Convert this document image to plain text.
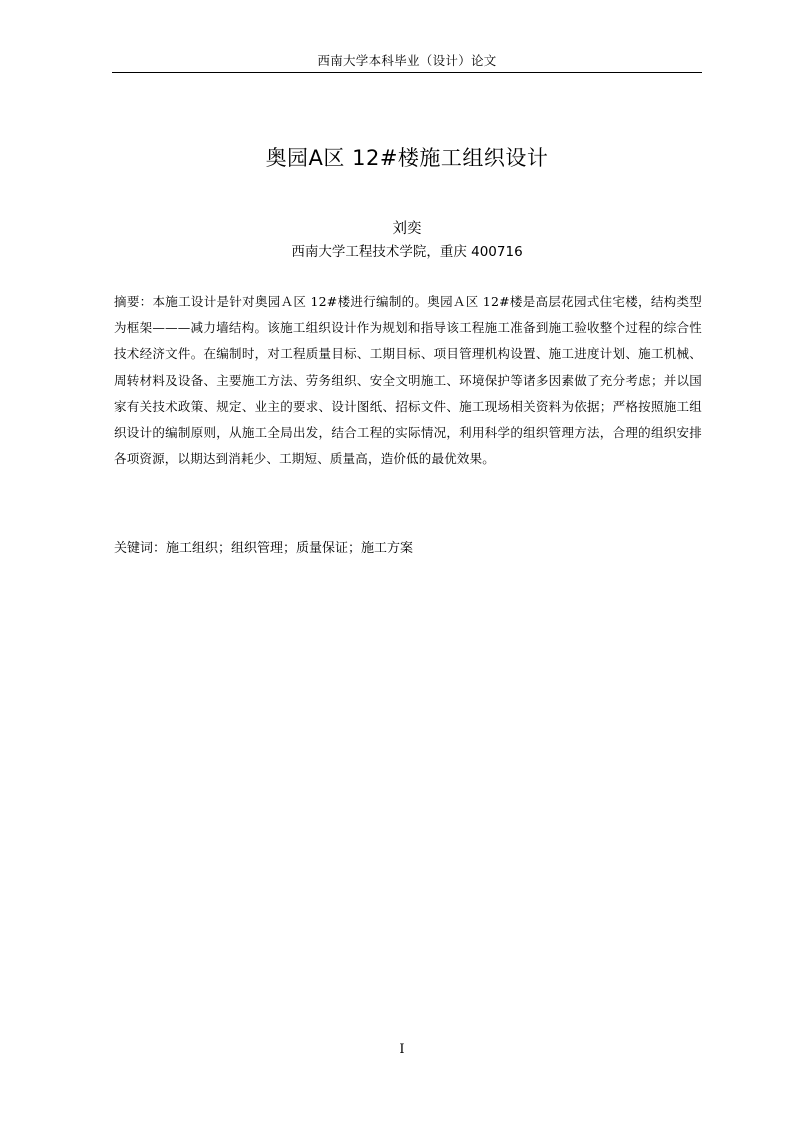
西南大学本科毕业（设计）论文
奥园A区 12#楼施工组织设计
刘奕
西南大学工程技术学院，重庆 400716

摘要：本施工设计是针对奥园Ａ区 12#楼进行编制的。奥园Ａ区 12#楼是高层花园式住宅楼，结构类型为框架———减力墙结构。该施工组织设计作为规划和指导该工程施工准备到施工验收整个过程的综合性技术经济文件。在编制时，对工程质量目标、工期目标、项目管理机构设置、施工进度计划、施工机械、周转材料及设备、主要施工方法、劳务组织、安全文明施工、环境保护等诸多因素做了充分考虑；并以国家有关技术政策、规定、业主的要求、设计图纸、招标文件、施工现场相关资料为依据；严格按照施工组织设计的编制原则，从施工全局出发，结合工程的实际情况，利用科学的组织管理方法，合理的组织安排各项资源，以期达到消耗少、工期短、质量高，造价低的最优效果。

关键词：施工组织；组织管理；质量保证；施工方案
I
